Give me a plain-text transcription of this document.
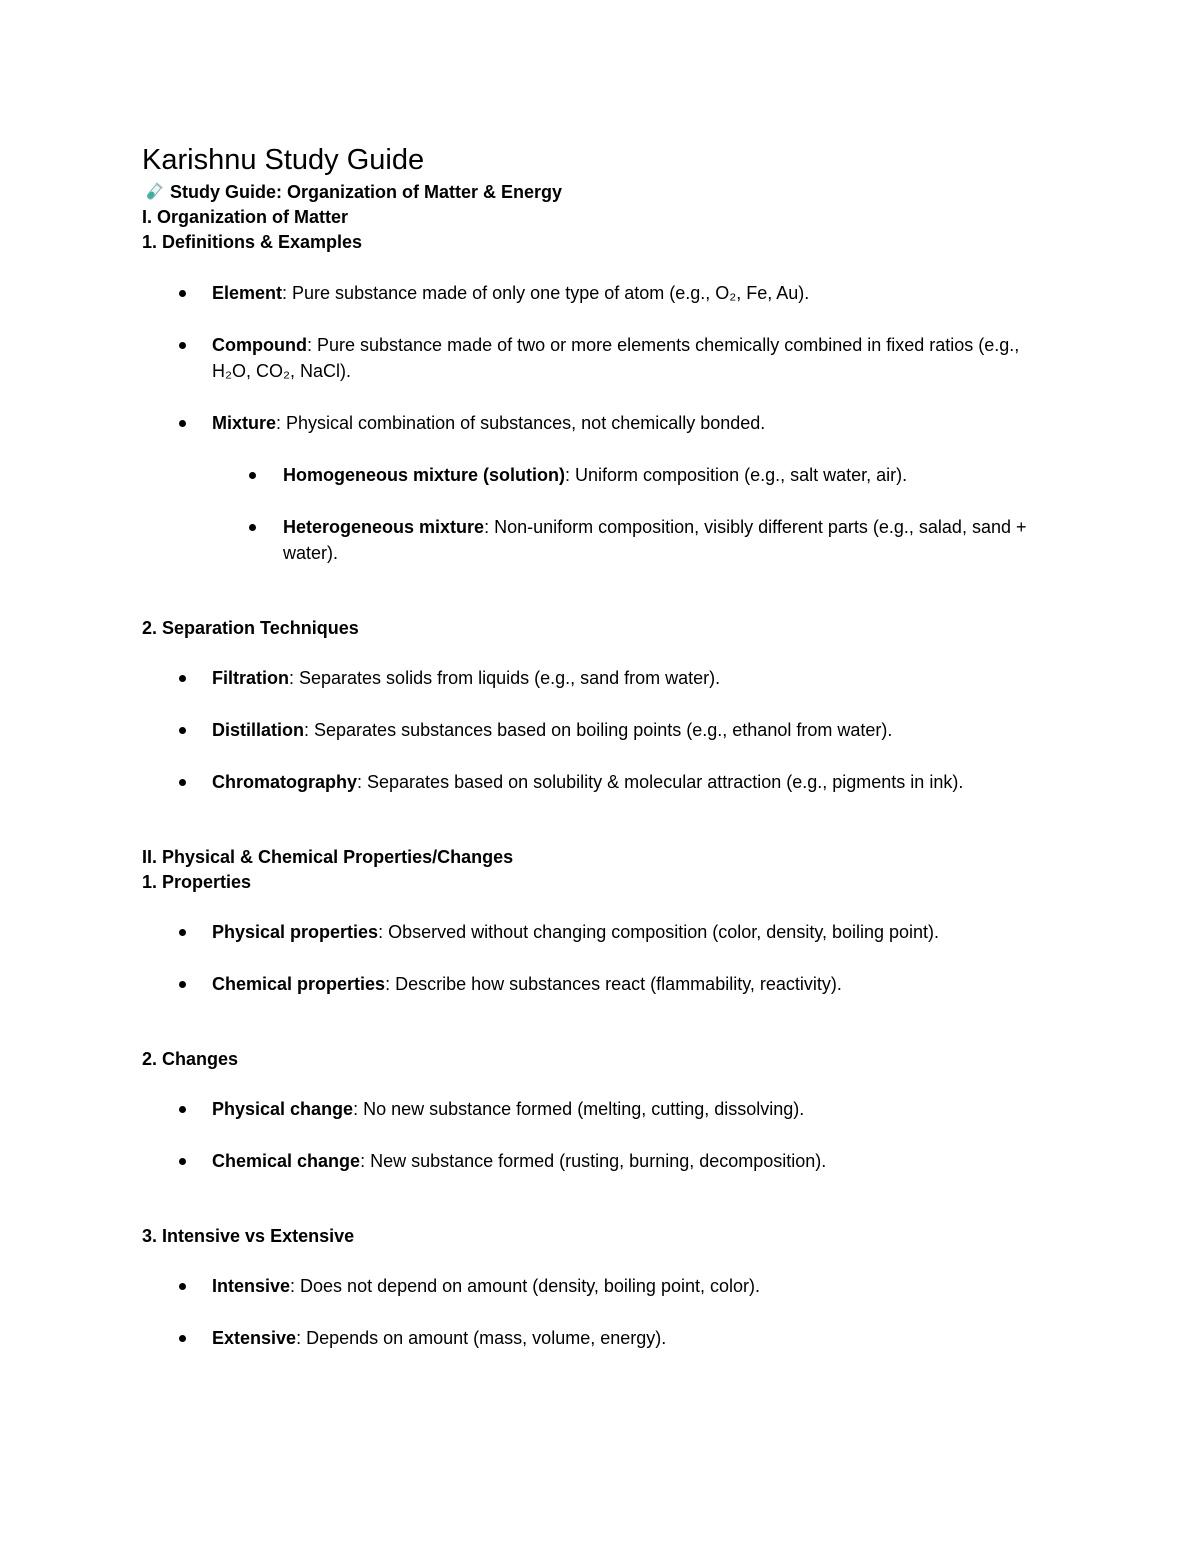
Karishnu Study Guide
Study Guide: Organization of Matter & Energy
I. Organization of Matter
1. Definitions & Examples
Element: Pure substance made of only one type of atom (e.g., O₂, Fe, Au).
Compound: Pure substance made of two or more elements chemically combined in fixed ratios (e.g., H₂O, CO₂, NaCl).
Mixture: Physical combination of substances, not chemically bonded.
Homogeneous mixture (solution): Uniform composition (e.g., salt water, air).
Heterogeneous mixture: Non-uniform composition, visibly different parts (e.g., salad, sand + water).
2. Separation Techniques
Filtration: Separates solids from liquids (e.g., sand from water).
Distillation: Separates substances based on boiling points (e.g., ethanol from water).
Chromatography: Separates based on solubility & molecular attraction (e.g., pigments in ink).
II. Physical & Chemical Properties/Changes
1. Properties
Physical properties: Observed without changing composition (color, density, boiling point).
Chemical properties: Describe how substances react (flammability, reactivity).
2. Changes
Physical change: No new substance formed (melting, cutting, dissolving).
Chemical change: New substance formed (rusting, burning, decomposition).
3. Intensive vs Extensive
Intensive: Does not depend on amount (density, boiling point, color).
Extensive: Depends on amount (mass, volume, energy).
